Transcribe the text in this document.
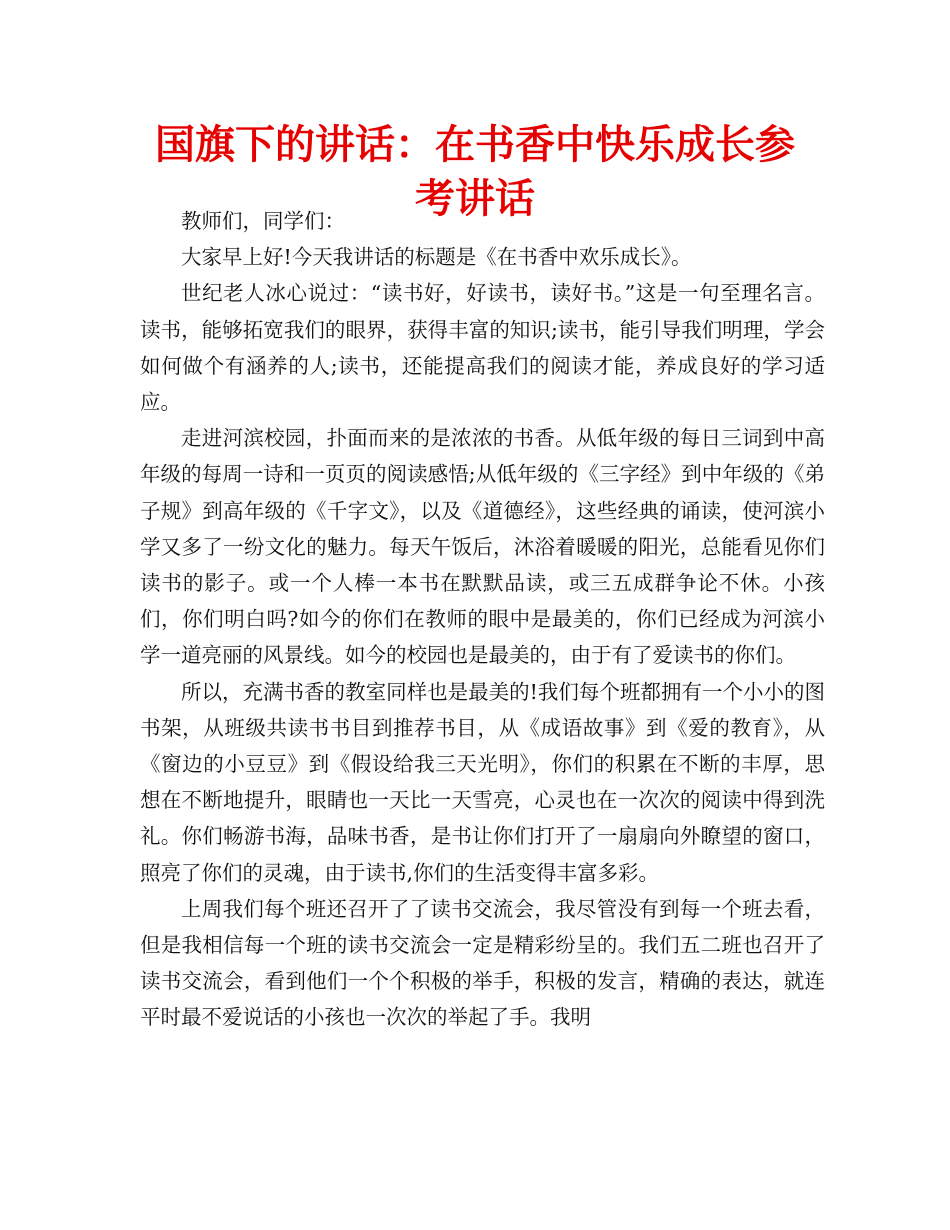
国旗下的讲话：在书香中快乐成长参考讲话

教师们，同学们：

大家早上好!今天我讲话的标题是《在书香中欢乐成长》。

世纪老人冰心说过：“读书好，好读书，读好书。”这是一句至理名言。读书，能够拓宽我们的眼界，获得丰富的知识;读书，能引导我们明理，学会如何做个有涵养的人;读书，还能提高我们的阅读才能，养成良好的学习适应。

走进河滨校园，扑面而来的是浓浓的书香。从低年级的每日三词到中高年级的每周一诗和一页页的阅读感悟;从低年级的《三字经》到中年级的《弟子规》到高年级的《千字文》，以及《道德经》，这些经典的诵读，使河滨小学又多了一纷文化的魅力。每天午饭后，沐浴着暖暖的阳光，总能看见你们读书的影子。或一个人棒一本书在默默品读，或三五成群争论不休。小孩们，你们明白吗?如今的你们在教师的眼中是最美的，你们已经成为河滨小学一道亮丽的风景线。如今的校园也是最美的，由于有了爱读书的你们。

所以，充满书香的教室同样也是最美的!我们每个班都拥有一个小小的图书架，从班级共读书书目到推荐书目，从《成语故事》到《爱的教育》，从《窗边的小豆豆》到《假设给我三天光明》，你们的积累在不断的丰厚，思想在不断地提升，眼睛也一天比一天雪亮，心灵也在一次次的阅读中得到洗礼。你们畅游书海，品味书香，是书让你们打开了一扇扇向外瞭望的窗口，照亮了你们的灵魂，由于读书,你们的生活变得丰富多彩。

上周我们每个班还召开了了读书交流会，我尽管没有到每一个班去看，但是我相信每一个班的读书交流会一定是精彩纷呈的。我们五二班也召开了读书交流会，看到他们一个个积极的举手，积极的发言，精确的表达，就连平时最不爱说话的小孩也一次次的举起了手。我明
